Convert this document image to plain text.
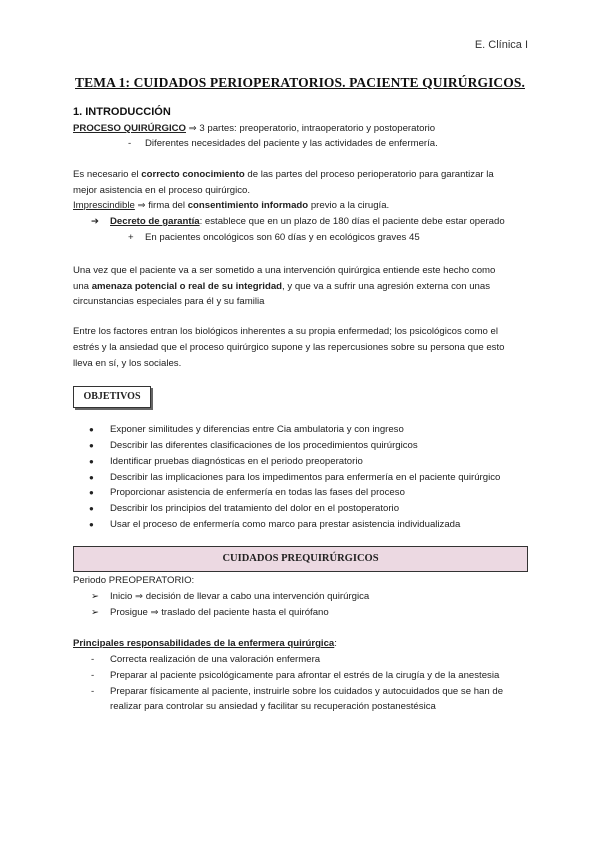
E. Clínica I
TEMA 1: CUIDADOS PERIOPERATORIOS. PACIENTE QUIRÚRGICOS.
1. INTRODUCCIÓN
PROCESO QUIRÚRGICO ⇒ 3 partes: preoperatorio, intraoperatorio y postoperatorio
- Diferentes necesidades del paciente y las actividades de enfermería.
Es necesario el correcto conocimiento de las partes del proceso perioperatorio para garantizar la
mejor asistencia en el proceso quirúrgico.
Imprescindible ⇒ firma del consentimiento informado previo a la cirugía.
➔ Decreto de garantía: establece que en un plazo de 180 días el paciente debe estar operado
+ En pacientes oncológicos son 60 días y en ecológicos graves 45
Una vez que el paciente va a ser sometido a una intervención quirúrgica entiende este hecho como
una amenaza potencial o real de su integridad, y que va a sufrir una agresión externa con unas
circunstancias especiales para él y su familia
Entre los factores entran los biológicos inherentes a su propia enfermedad; los psicológicos como el
estrés y la ansiedad que el proceso quirúrgico supone y las repercusiones sobre su persona que esto
lleva en sí, y los sociales.
OBJETIVOS
● Exponer similitudes y diferencias entre Cia ambulatoria y con ingreso
● Describir las diferentes clasificaciones de los procedimientos quirúrgicos
● Identificar pruebas diagnósticas en el periodo preoperatorio
● Describir las implicaciones para los impedimentos para enfermería en el paciente quirúrgico
● Proporcionar asistencia de enfermería en todas las fases del proceso
● Describir los principios del tratamiento del dolor en el postoperatorio
● Usar el proceso de enfermería como marco para prestar asistencia individualizada
CUIDADOS PREQUIRÚRGICOS
Periodo PREOPERATORIO:
➢ Inicio ⇒ decisión de llevar a cabo una intervención quirúrgica
➢ Prosigue ⇒ traslado del paciente hasta el quirófano
Principales responsabilidades de la enfermera quirúrgica:
- Correcta realización de una valoración enfermera
- Preparar al paciente psicológicamente para afrontar el estrés de la cirugía y de la anestesia
- Preparar físicamente al paciente, instruirle sobre los cuidados y autocuidados que se han de
realizar para controlar su ansiedad y facilitar su recuperación postanestésica
